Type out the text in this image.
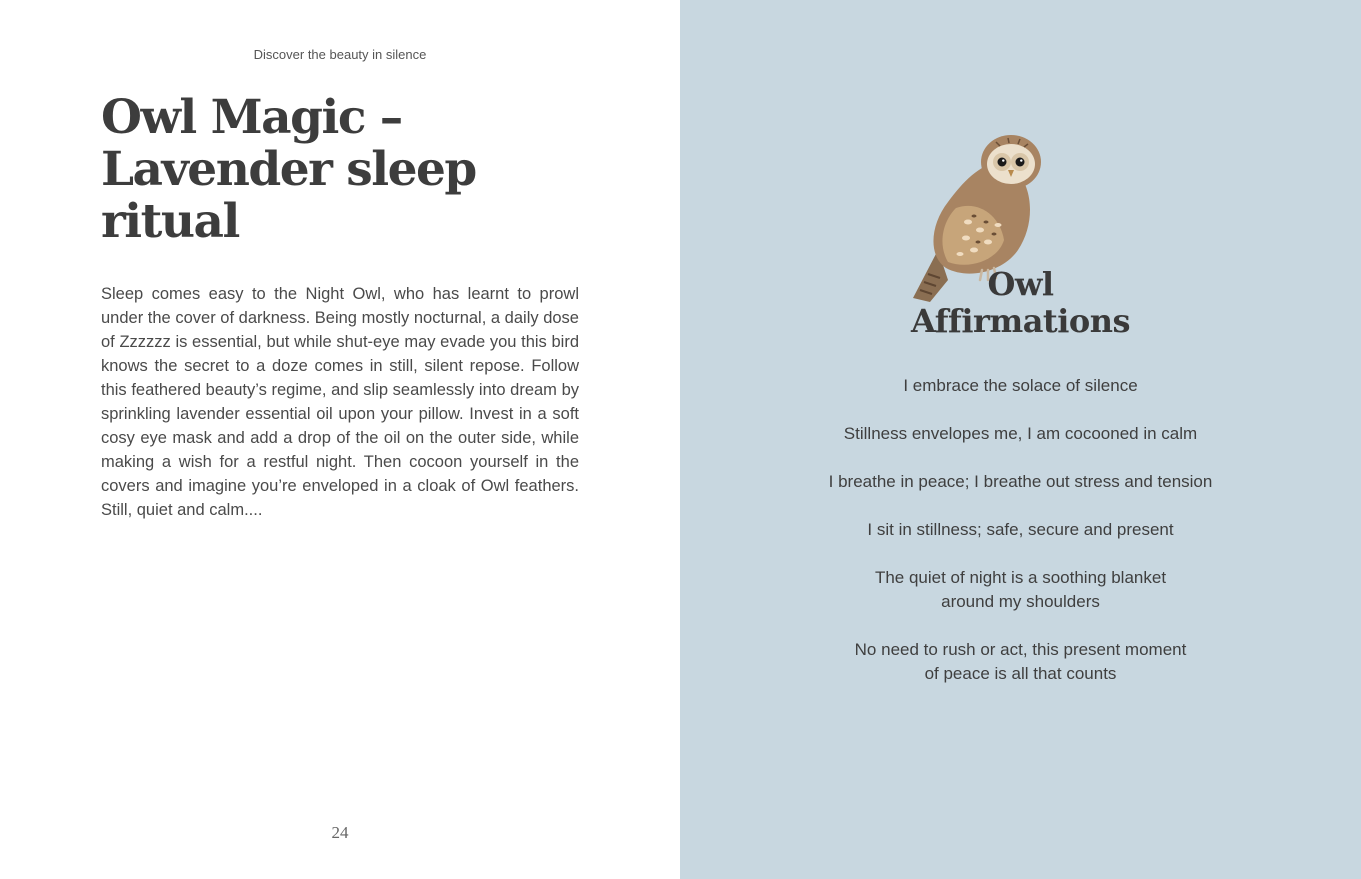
Discover the beauty in silence
Owl Magic –
Lavender sleep
ritual

Sleep comes easy to the Night Owl, who has learnt to prowl under the cover of darkness. Being mostly nocturnal, a daily dose of Zzzzzz is essential, but while shut-eye may evade you this bird knows the secret to a doze comes in still, silent repose. Follow this feathered beauty’s regime, and slip seamlessly into dream by sprinkling lavender essential oil upon your pillow. Invest in a soft cosy eye mask and add a drop of the oil on the outer side, while making a wish for a restful night. Then cocoon yourself in the covers and imagine you’re enveloped in a cloak of Owl feathers. Still, quiet and calm....

24
Owl
Affirmations
I embrace the solace of silence
Stillness envelopes me, I am cocooned in calm
I breathe in peace; I breathe out stress and tension
I sit in stillness; safe, secure and present
The quiet of night is a soothing blanket
around my shoulders
No need to rush or act, this present moment
of peace is all that counts
